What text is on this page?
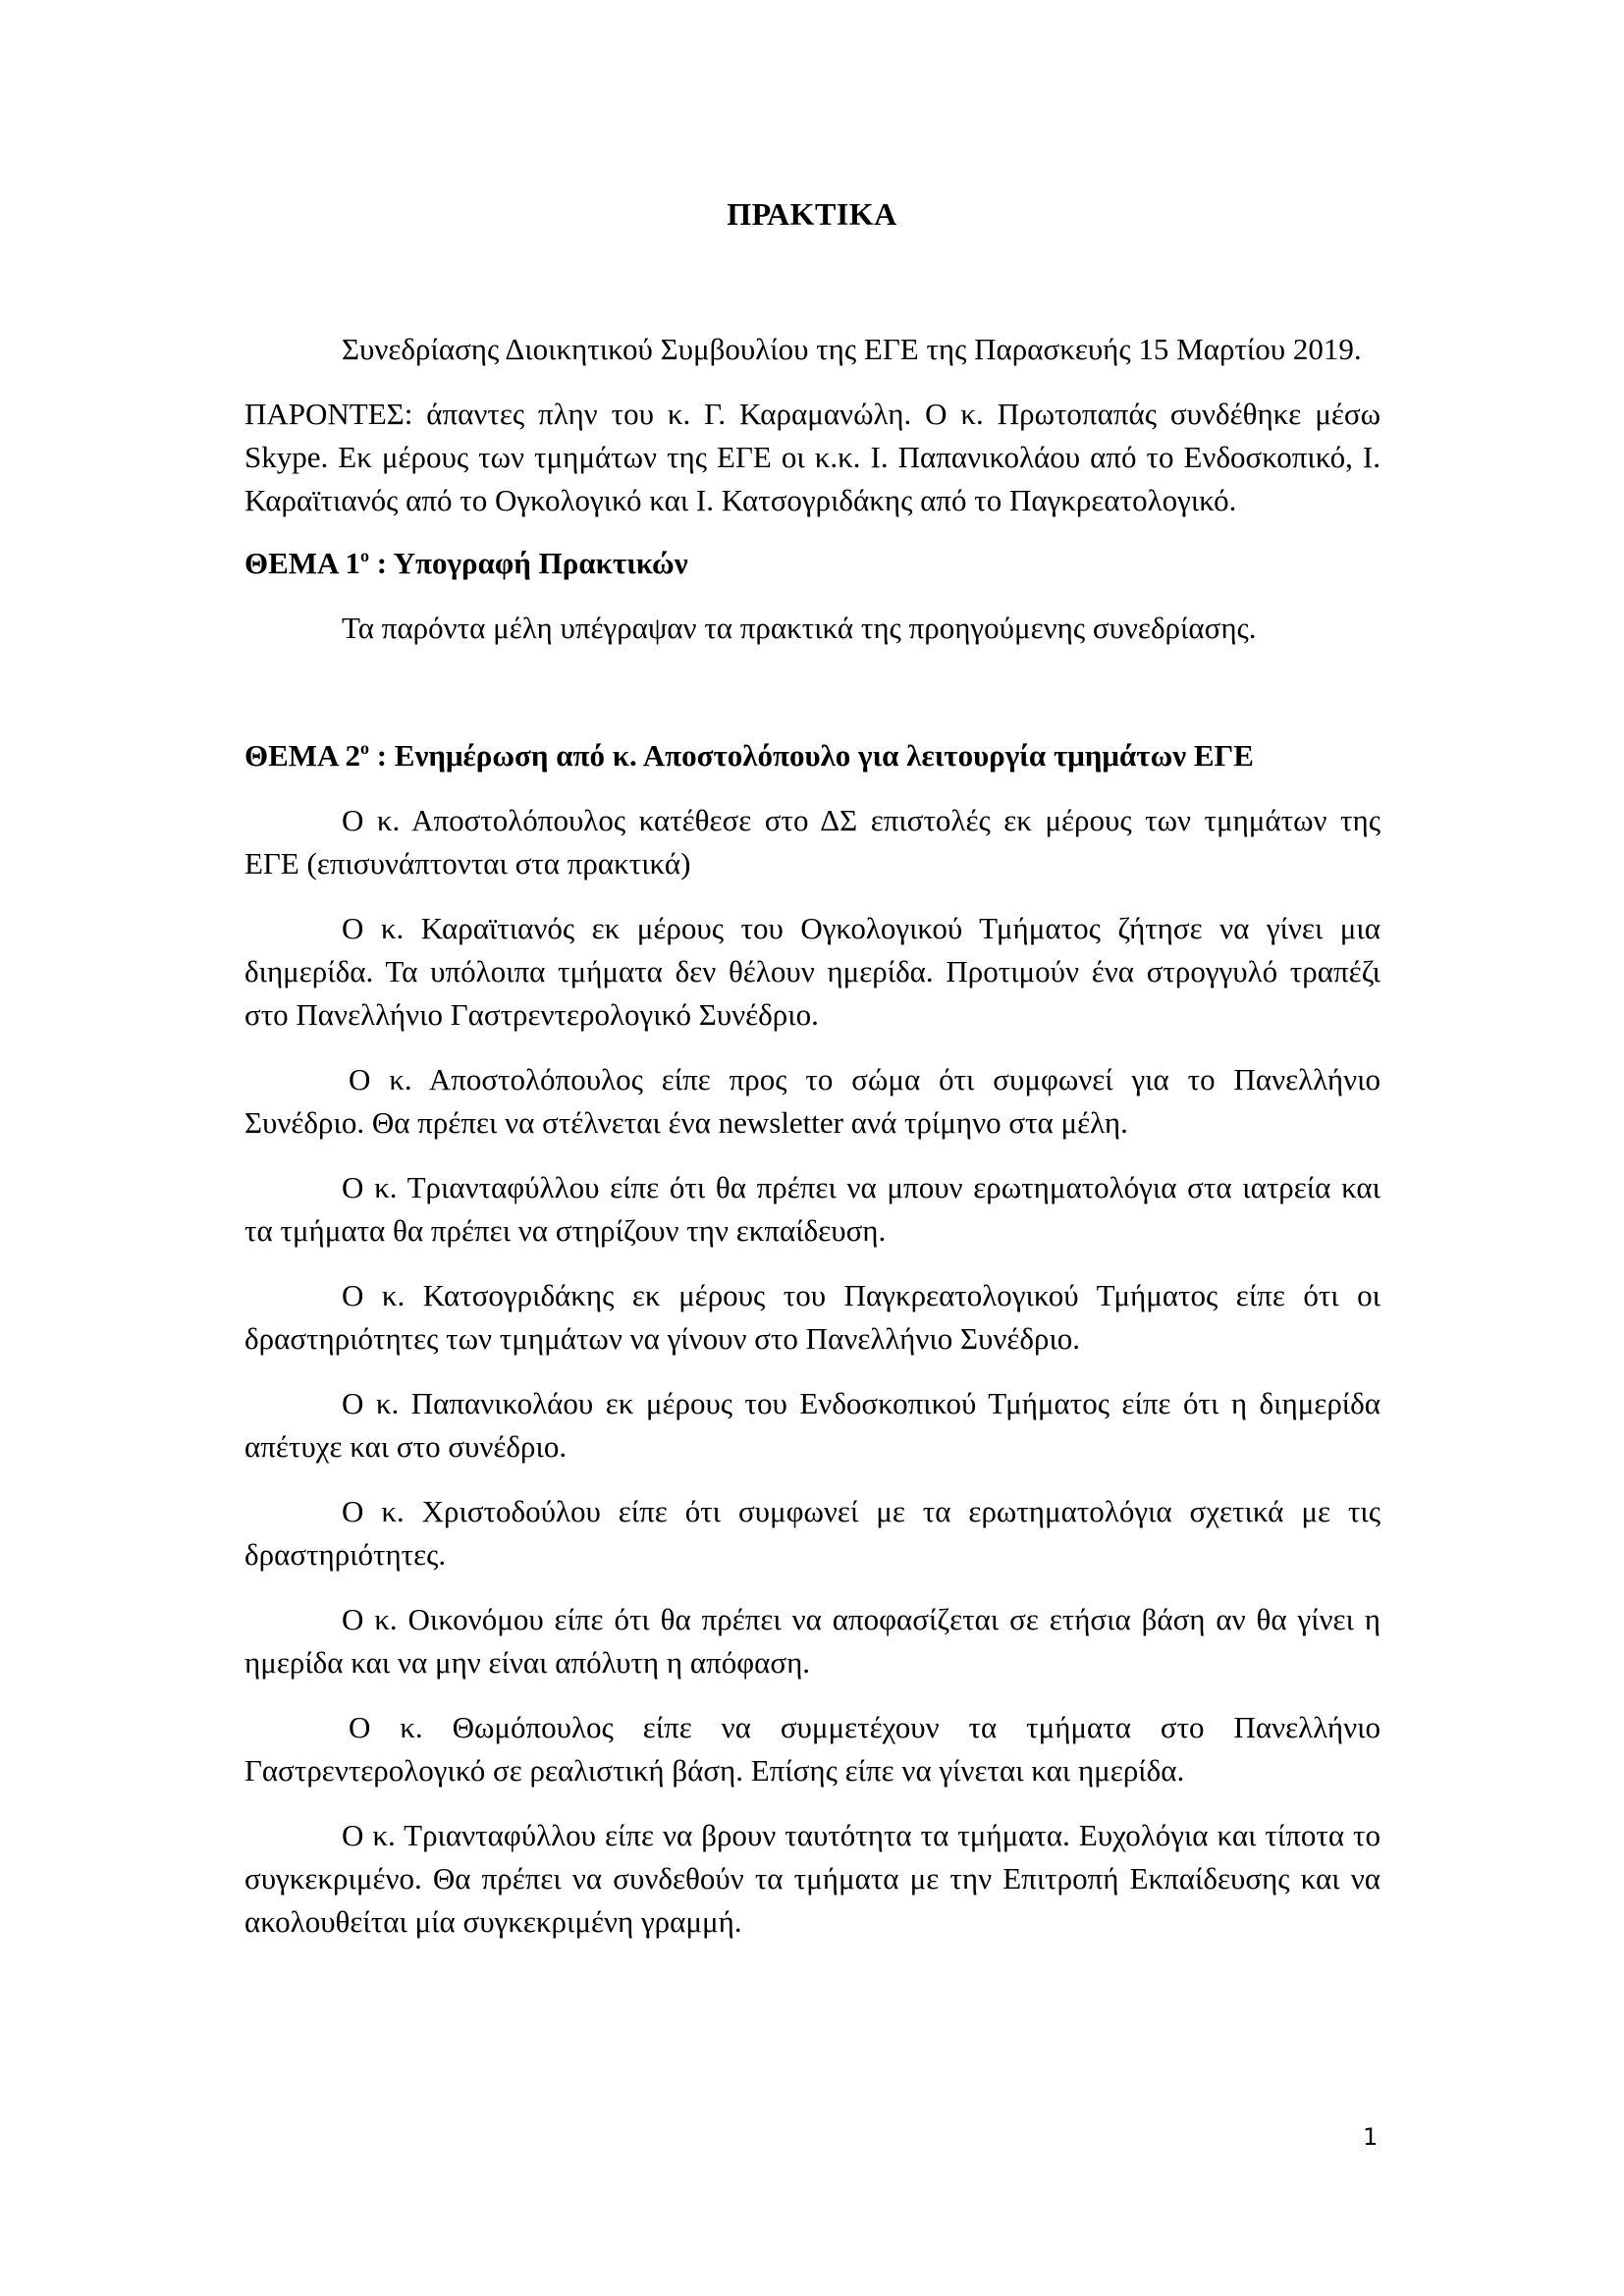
ΠΡΑΚΤΙΚΑ

Συνεδρίασης Διοικητικού Συμβουλίου της ΕΓΕ της Παρασκευής 15 Μαρτίου 2019.

ΠΑΡΟΝΤΕΣ: άπαντες πλην του κ. Γ. Καραμανώλη. Ο κ. Πρωτοπαπάς συνδέθηκε μέσω Skype. Εκ μέρους των τμημάτων της ΕΓΕ οι κ.κ. Ι. Παπανικολάου από το Ενδοσκοπικό, Ι. Καραϊτιανός από το Ογκολογικό και Ι. Κατσογριδάκης από το Παγκρεατολογικό.

ΘΕΜΑ $1^o$ : Υπογραφή Πρακτικών

Τα παρόντα μέλη υπέγραψαν τα πρακτικά της προηγούμενης συνεδρίασης.

ΘΕΜΑ $2^o$ : Ενημέρωση από κ. Αποστολόπουλο για λειτουργία τμημάτων ΕΓΕ

Ο κ. Αποστολόπουλος κατέθεσε στο ΔΣ επιστολές εκ μέρους των τμημάτων της ΕΓΕ (επισυνάπτονται στα πρακτικά)

Ο κ. Καραϊτιανός εκ μέρους του Ογκολογικού Τμήματος ζήτησε να γίνει μια διημερίδα. Τα υπόλοιπα τμήματα δεν θέλουν ημερίδα. Προτιμούν ένα στρογγυλό τραπέζι στο Πανελλήνιο Γαστρεντερολογικό Συνέδριο.

Ο κ. Αποστολόπουλος είπε προς το σώμα ότι συμφωνεί για το Πανελλήνιο Συνέδριο. Θα πρέπει να στέλνεται ένα newsletter ανά τρίμηνο στα μέλη.

Ο κ. Τριανταφύλλου είπε ότι θα πρέπει να μπουν ερωτηματολόγια στα ιατρεία και τα τμήματα θα πρέπει να στηρίζουν την εκπαίδευση.

Ο κ. Κατσογριδάκης εκ μέρους του Παγκρεατολογικού Τμήματος είπε ότι οι δραστηριότητες των τμημάτων να γίνουν στο Πανελλήνιο Συνέδριο.

Ο κ. Παπανικολάου εκ μέρους του Ενδοσκοπικού Τμήματος είπε ότι η διημερίδα απέτυχε και στο συνέδριο.

Ο κ. Χριστοδούλου είπε ότι συμφωνεί με τα ερωτηματολόγια σχετικά με τις δραστηριότητες.

Ο κ. Οικονόμου είπε ότι θα πρέπει να αποφασίζεται σε ετήσια βάση αν θα γίνει η ημερίδα και να μην είναι απόλυτη η απόφαση.

Ο κ. Θωμόπουλος είπε να συμμετέχουν τα τμήματα στο Πανελλήνιο Γαστρεντερολογικό σε ρεαλιστική βάση. Επίσης είπε να γίνεται και ημερίδα.

Ο κ. Τριανταφύλλου είπε να βρουν ταυτότητα τα τμήματα. Ευχολόγια και τίποτα το συγκεκριμένο. Θα πρέπει να συνδεθούν τα τμήματα με την Επιτροπή Εκπαίδευσης και να ακολουθείται μία συγκεκριμένη γραμμή.

1
